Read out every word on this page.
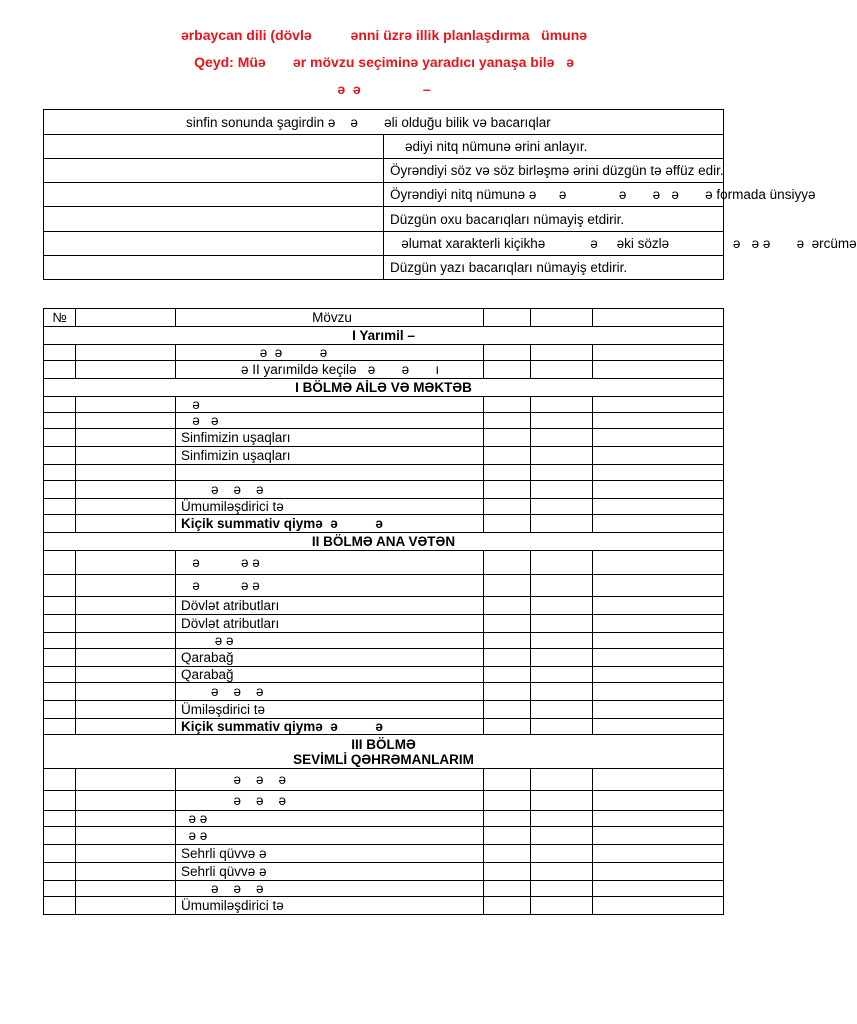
ərbaycan dili (dövlə          ənni üzrə illik planlaşdırma   ümunə
Qeyd: Müə       ər mövzu seçiminə yaradıcı yanaşa bilə   ə
ə  ə                –
sinfin sonunda şagirdin ə    ə       əli olduğu bilik və bacarıqlar	
	ədiyi nitq nümunə ərini anlayır.
	Öyrəndiyi söz və söz birləşmə ərini düzgün tə əffüz edir.
	Öyrəndiyi nitq nümunə ə      ə              ə       ə   ə       ə formada ünsiyyə
	Düzgün oxu bacarıqları nümayiş etdirir.
	əlumat xarakterli kiçikhə            ə     əki sözlə                 ə   ə ə       ə  ərcümə
	Düzgün yazı bacarıqları nümayiş etdirir.
№		Mövzu			

I Yarımil –					

		ə  ə          ə			
		ə II yarımildə keçilə   ə       ə       ı			

I BÖLMƏ AİLƏ VƏ MƏKTƏB					

		ə			
		ə   ə			
		Sinfimizin uşaqları			
		Sinfimizin uşaqları			

		ə    ə    ə			
		Ümumiləşdirici tə			
		Kiçik summativ qiymə  ə          ə			

II BÖLMƏ ANA VƏTƏN					

		ə           ə ə			
		ə           ə ə			
		Dövlət atributları			
		Dövlət atributları			
		ə ə			
		Qarabağ			
		Qarabağ			
		ə    ə    ə			
		Ümiləşdirici tə			
		Kiçik summativ qiymə  ə          ə			

III BÖLMƏ
SEVİMLİ QƏHRƏMANLARIM					

		ə    ə    ə			
		ə    ə    ə			
		ə ə			
		ə ə			
		Sehrli qüvvə ə			
		Sehrli qüvvə ə			
		ə    ə    ə			
		Ümumiləşdirici tə			
